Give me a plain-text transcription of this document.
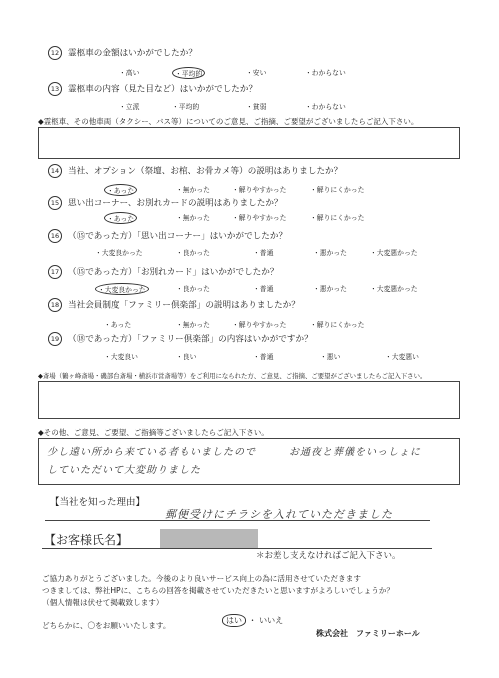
12 霊柩車の金額はいかがでしたか？
・高い	・平均的	・安い	・わからない
13 霊柩車の内容（見た目など）はいかがでしたか？
・立派	・平均的	・貧弱	・わからない
◆霊柩車、その他車両（タクシー、バス等）についてのご意見、ご指摘、ご要望がございましたらご記入下さい。
14 当社、オプション（祭壇、お棺、お骨カメ等）の説明はありましたか？
・あった	・無かった	・解りやすかった	・解りにくかった
15 思い出コーナー、お別れカードの説明はありましたか？
・あった	・無かった	・解りやすかった	・解りにくかった
16 （⑮であった方）「思い出コーナー」はいかがでしたか？
・大変良かった	・良かった	・普通	・悪かった	・大変悪かった
17 （⑮であった方）「お別れカード」はいかがでしたか？
・大変良かった	・良かった	・普通	・悪かった	・大変悪かった
18 当社会員制度「ファミリー倶楽部」の説明はありましたか？
・あった	・無かった	・解りやすかった	・解りにくかった
19 （⑱であった方）「ファミリー倶楽部」の内容はいかがですか？
・大変良い	・良い	・普通	・悪い	・大変悪い
◆斎場（鶴ヶ峰斎場・磯部台斎場・横浜市営斎場等）をご利用になられた方、ご意見、ご指摘、ご要望がございましたらご記入下さい。
◆その他、ご意見、ご要望、ご指摘等ございましたらご記入下さい。
少し遠い所から来ている者もいましたので　　　お通夜と葬儀をいっしょに
していただいて大変助りました
【当社を知った理由】
郵便受けにチラシを入れていただきました
【お客様氏名】
＊お差し支えなければご記入下さい。
ご協力ありがとうございました。今後のより良いサービス向上の為に活用させていただきます
つきましては、弊社HPに、こちらの回答を掲載させていただきたいと思いますがよろしいでしょうか？
（個人情報は伏せて掲載致します）
どちらかに、〇をお願いいたします。
はい ・ いいえ
株式会社　ファミリーホール
